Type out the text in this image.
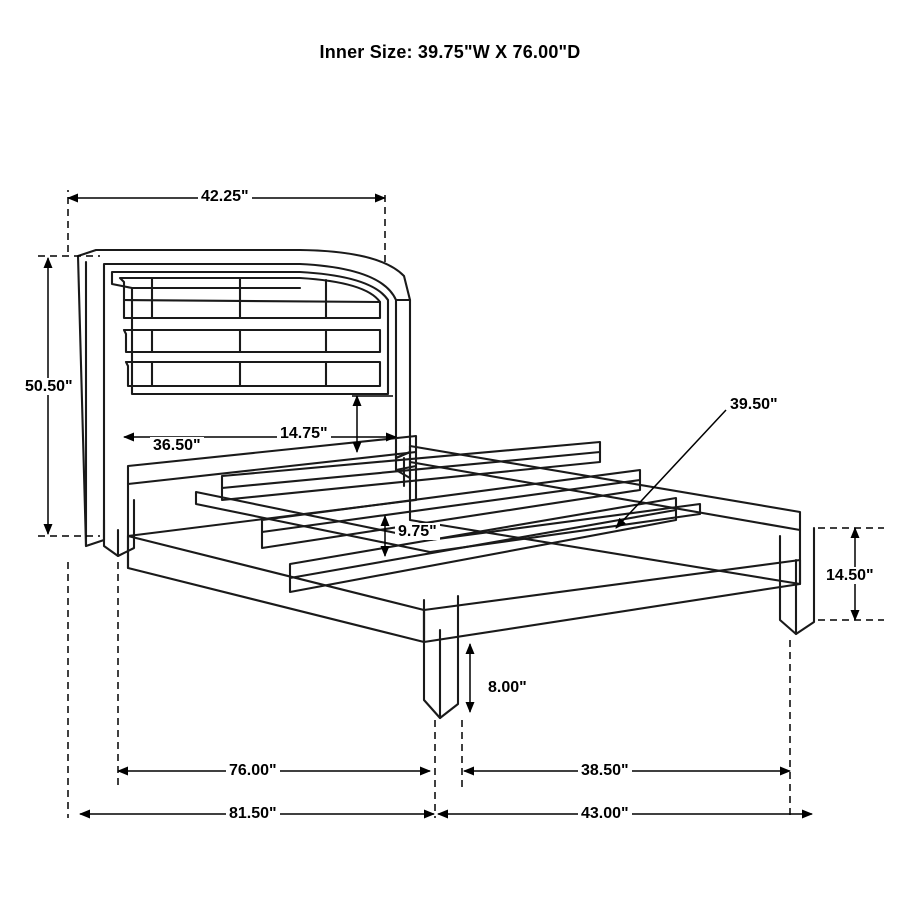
Inner Size: 39.75"W X 76.00"D
42.25"
50.50"
36.50"
14.75"
39.50"
9.75"
14.50"
8.00"
76.00"	38.50"
81.50"	43.00"
